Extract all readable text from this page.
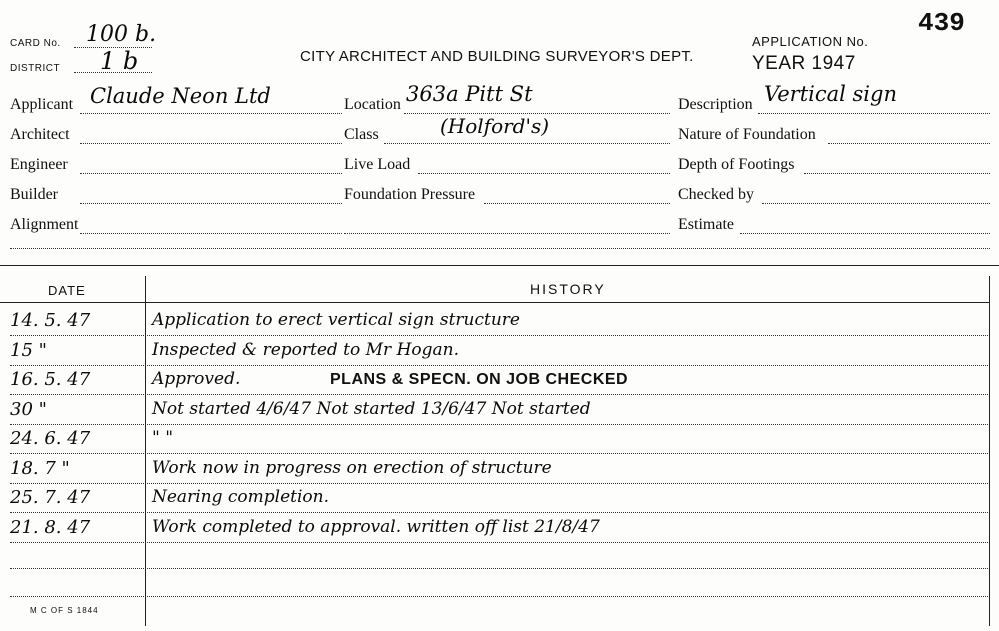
CARD No. 100 b.
DISTRICT 1 b	CITY ARCHITECT AND BUILDING SURVEYOR'S DEPT.
APPLICATION No.
439
YEAR 1947
Applicant Claude Neon Ltd
Architect
Engineer
Builder
Alignment
Location 363a Pitt St
Class	(Holford's)
Live Load
Foundation Pressure
Description Vertical sign
Nature of Foundation
Depth of Footings
Checked by
Estimate
DATE	HISTORY
14. 5. 47	Application to erect vertical sign structure
15 "	Inspected & reported to Mr Hogan.
16. 5. 47	Approved.	PLANS & SPECN. ON JOB CHECKED
30 "	Not started 4/6/47 Not started 13/6/47 Not started
24. 6. 47	" "
18. 7 "	Work now in progress on erection of structure
25. 7. 47	Nearing completion.
21. 8. 47	Work completed to approval. written off list 21/8/47
M C OF S 1844
